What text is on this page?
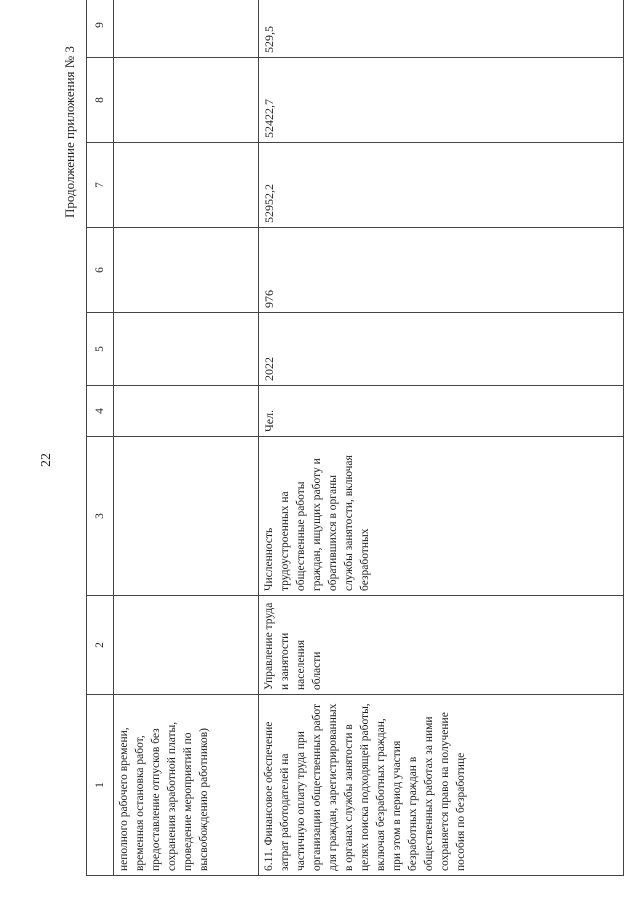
22
Продолжение приложения № 3
1	2	3	4	5	6	7	8	9		
неполного рабочего времени, временная остановка работ, предоставление отпусков без сохранения заработной платы, проведение мероприятий по высвобождению работников)										
6.11. Финансовое обеспечение затрат работодателей на частичную оплату труда при организации общественных работ для граждан, зарегистрированных в органах службы занятости в целях поиска подходящей работы, включая безработных граждан, при этом в период участия безработных граждан в общественных работах за ними сохраняется право на получение пособия по безработице	Управление труда и занятости населения области	Численность трудоустроенных на общественные работы граждан, ищущих работу и обратившихся в органы службы занятости, включая безработных	Чел.	2022	976	52952,2	52422,7	529,5		
